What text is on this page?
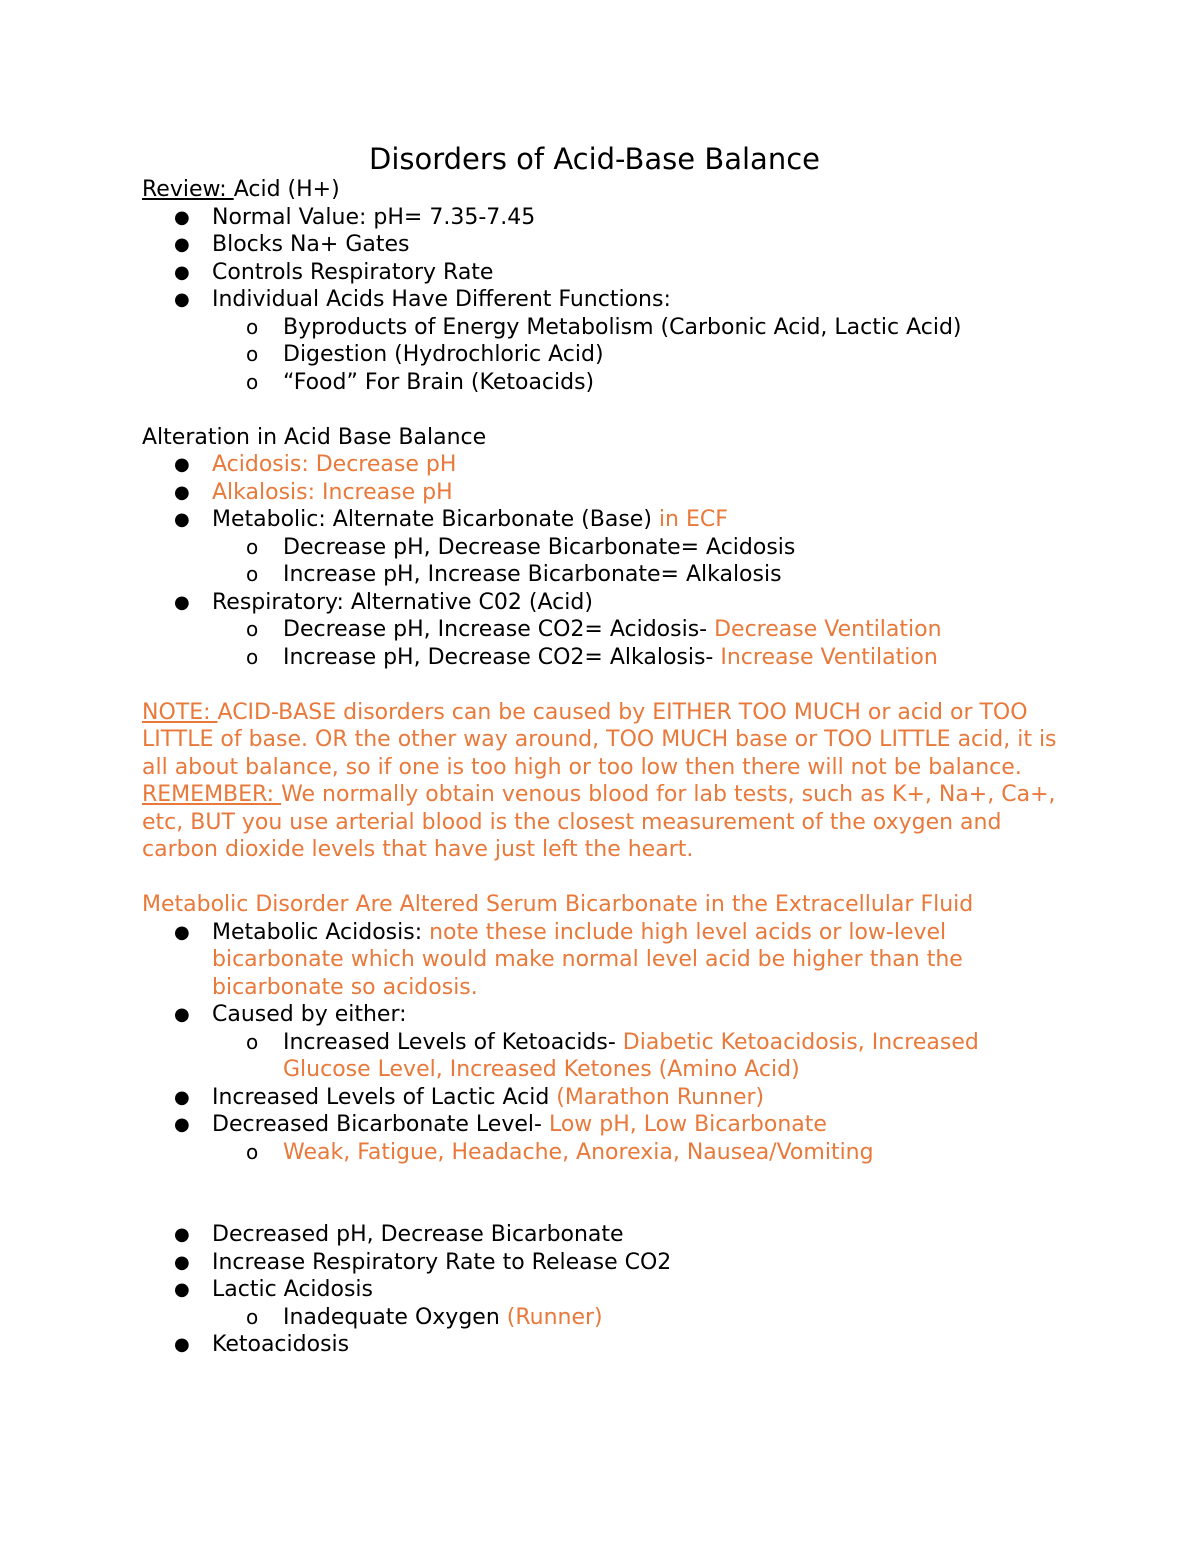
Disorders of Acid-Base Balance
Review: Acid (H+)
● Normal Value: pH= 7.35-7.45
● Blocks Na+ Gates
● Controls Respiratory Rate
● Individual Acids Have Different Functions:
o Byproducts of Energy Metabolism (Carbonic Acid, Lactic Acid)
o Digestion (Hydrochloric Acid)
o “Food” For Brain (Ketoacids)
Alteration in Acid Base Balance
● Acidosis: Decrease pH
● Alkalosis: Increase pH
● Metabolic: Alternate Bicarbonate (Base) in ECF
o Decrease pH, Decrease Bicarbonate= Acidosis
o Increase pH, Increase Bicarbonate= Alkalosis
● Respiratory: Alternative C02 (Acid)
o Decrease pH, Increase CO2= Acidosis- Decrease Ventilation
o Increase pH, Decrease CO2= Alkalosis- Increase Ventilation
NOTE: ACID-BASE disorders can be caused by EITHER TOO MUCH or acid or TOO LITTLE of base. OR the other way around, TOO MUCH base or TOO LITTLE acid, it is all about balance, so if one is too high or too low then there will not be balance.
REMEMBER: We normally obtain venous blood for lab tests, such as K+, Na+, Ca+, etc, BUT you use arterial blood is the closest measurement of the oxygen and carbon dioxide levels that have just left the heart.
Metabolic Disorder Are Altered Serum Bicarbonate in the Extracellular Fluid
● Metabolic Acidosis: note these include high level acids or low-level bicarbonate which would make normal level acid be higher than the bicarbonate so acidosis.
● Caused by either:
o Increased Levels of Ketoacids- Diabetic Ketoacidosis, Increased Glucose Level, Increased Ketones (Amino Acid)
● Increased Levels of Lactic Acid (Marathon Runner)
● Decreased Bicarbonate Level- Low pH, Low Bicarbonate
o Weak, Fatigue, Headache, Anorexia, Nausea/Vomiting
● Decreased pH, Decrease Bicarbonate
● Increase Respiratory Rate to Release CO2
● Lactic Acidosis
o Inadequate Oxygen (Runner)
● Ketoacidosis
